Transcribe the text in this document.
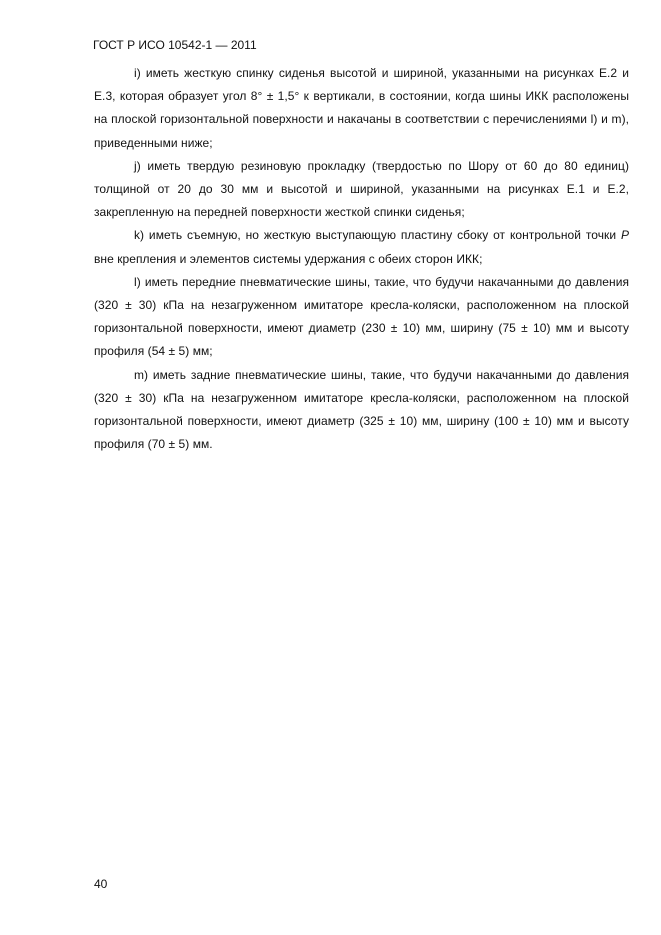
ГОСТ Р ИСО 10542-1 — 2011

i) иметь жесткую спинку сиденья высотой и шириной, указанными на рисунках Е.2 и Е.3, которая образует угол 8° ± 1,5° к вертикали, в состоянии, когда шины ИКК расположены на плоской горизонтальной поверхности и накачаны в соответствии с перечислениями l) и m), приведенными ниже;

j) иметь твердую резиновую прокладку (твердостью по Шору от 60 до 80 единиц) толщиной от 20 до 30 мм и высотой и шириной, указанными на рисунках Е.1 и Е.2, закрепленную на передней поверхности жесткой спинки сиденья;

k) иметь съемную, но жесткую выступающую пластину сбоку от контрольной точки P вне крепления и элементов системы удержания с обеих сторон ИКК;

l) иметь передние пневматические шины, такие, что будучи накачанными до давления (320 ± 30) кПа на незагруженном имитаторе кресла-коляски, расположенном на плоской горизонтальной поверхности, имеют диаметр (230 ± 10) мм, ширину (75 ± 10) мм и высоту профиля (54 ± 5) мм;

m) иметь задние пневматические шины, такие, что будучи накачанными до давления (320 ± 30) кПа на незагруженном имитаторе кресла-коляски, расположенном на плоской горизонтальной поверхности, имеют диаметр (325 ± 10) мм, ширину (100 ± 10) мм и высоту профиля (70 ± 5) мм.

40
